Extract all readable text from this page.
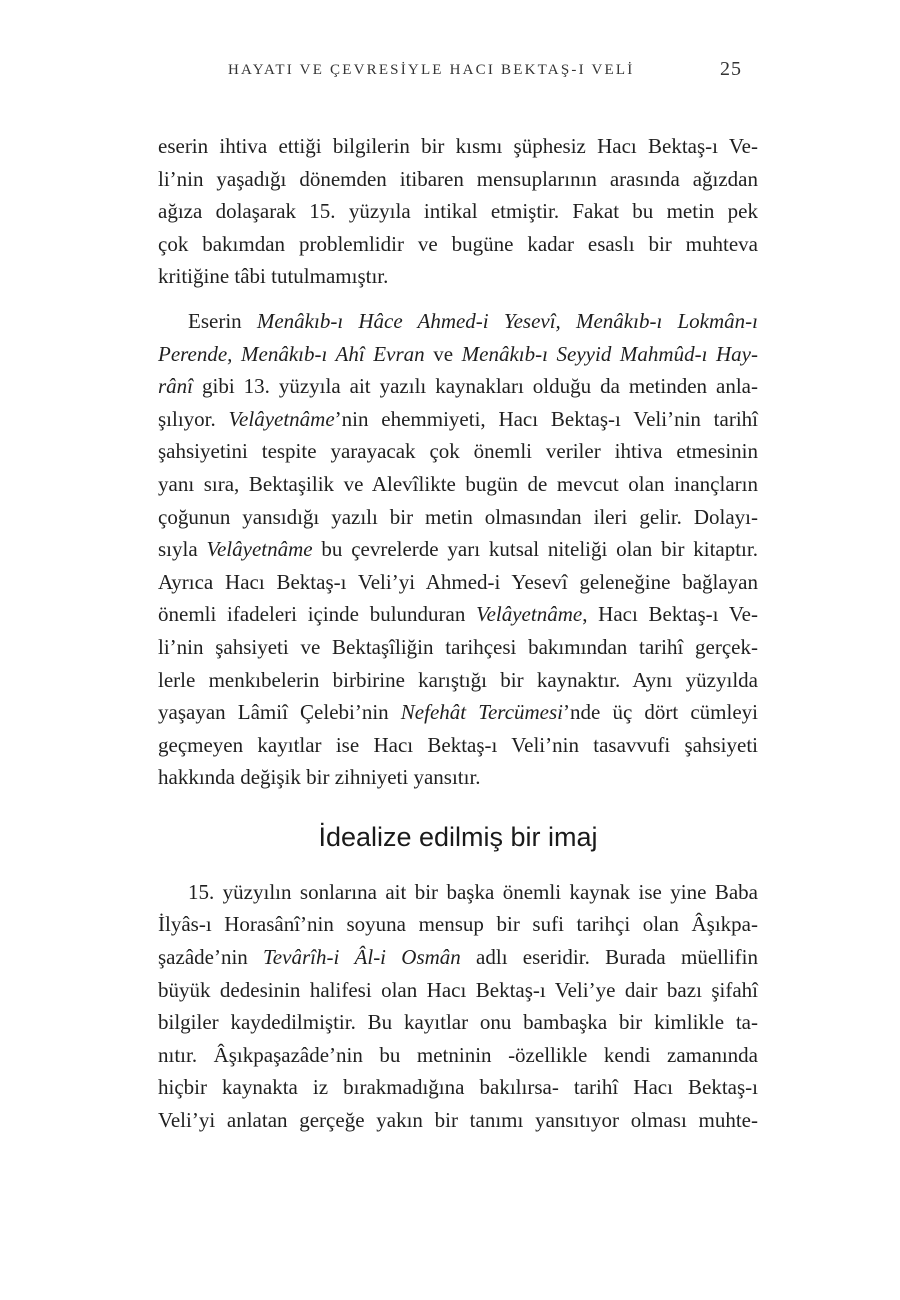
HAYATI VE ÇEVRESİYLE HACI BEKTAŞ-I VELİ	25

eserin ihtiva ettiği bilgilerin bir kısmı şüphesiz Hacı Bektaş-ı Ve-
li’nin yaşadığı dönemden itibaren mensuplarının arasında ağızdan
ağıza dolaşarak 15. yüzyıla intikal etmiştir. Fakat bu metin pek
çok bakımdan problemlidir ve bugüne kadar esaslı bir muhteva
kritiğine tâbi tutulmamıştır.

Eserin Menâkıb-ı Hâce Ahmed-i Yesevî, Menâkıb-ı Lokmân-ı
Perende, Menâkıb-ı Ahî Evran ve Menâkıb-ı Seyyid Mahmûd-ı Hay-
rânî gibi 13. yüzyıla ait yazılı kaynakları olduğu da metinden anla-
şılıyor. Velâyetnâme’nin ehemmiyeti, Hacı Bektaş-ı Veli’nin tarihî
şahsiyetini tespite yarayacak çok önemli veriler ihtiva etmesinin
yanı sıra, Bektaşilik ve Alevîlikte bugün de mevcut olan inançların
çoğunun yansıdığı yazılı bir metin olmasından ileri gelir. Dolayı-
sıyla Velâyetnâme bu çevrelerde yarı kutsal niteliği olan bir kitaptır.
Ayrıca Hacı Bektaş-ı Veli’yi Ahmed-i Yesevî geleneğine bağlayan
önemli ifadeleri içinde bulunduran Velâyetnâme, Hacı Bektaş-ı Ve-
li’nin şahsiyeti ve Bektaşîliğin tarihçesi bakımından tarihî gerçek-
lerle menkıbelerin birbirine karıştığı bir kaynaktır. Aynı yüzyılda
yaşayan Lâmiî Çelebi’nin Nefehât Tercümesi’nde üç dört cümleyi
geçmeyen kayıtlar ise Hacı Bektaş-ı Veli’nin tasavvufi şahsiyeti
hakkında değişik bir zihniyeti yansıtır.

İdealize edilmiş bir imaj

15. yüzyılın sonlarına ait bir başka önemli kaynak ise yine Baba
İlyâs-ı Horasânî’nin soyuna mensup bir sufi tarihçi olan Âşıkpa-
şazâde’nin Tevârîh-i Âl-i Osmân adlı eseridir. Burada müellifin
büyük dedesinin halifesi olan Hacı Bektaş-ı Veli’ye dair bazı şifahî
bilgiler kaydedilmiştir. Bu kayıtlar onu bambaşka bir kimlikle ta-
nıtır. Âşıkpaşazâde’nin bu metninin -özellikle kendi zamanında
hiçbir kaynakta iz bırakmadığına bakılırsa- tarihî Hacı Bektaş-ı
Veli’yi anlatan gerçeğe yakın bir tanımı yansıtıyor olması muhte-
